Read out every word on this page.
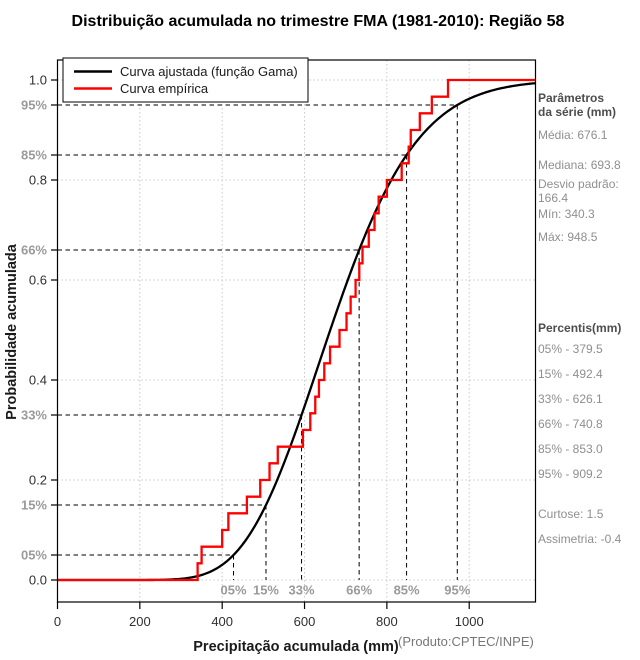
Distribuição acumulada no trimestre FMA (1981-2010): Região 58
05% 15% 33% 66% 85% 95%
0.0
0.2
0.4
0.6
0.8
1.0
05%
15%
33%
66%
85%
95%
0	200	400	600	800	1000
Curva ajustada (função Gama)
Curva empírica
Precipitação acumulada (mm)
Probabilidade acumulada
(Produto:CPTEC/INPE)
Parâmetros
da série (mm)
Média: 676.1
Mediana: 693.8
Desvio padrão: 166.4
Mín: 340.3
Máx: 948.5
Percentis(mm)
05% - 379.5
15% - 492.4
33% - 626.1
66% - 740.8
85% - 853.0
95% - 909.2
Curtose: 1.5
Assimetria: -0.4
